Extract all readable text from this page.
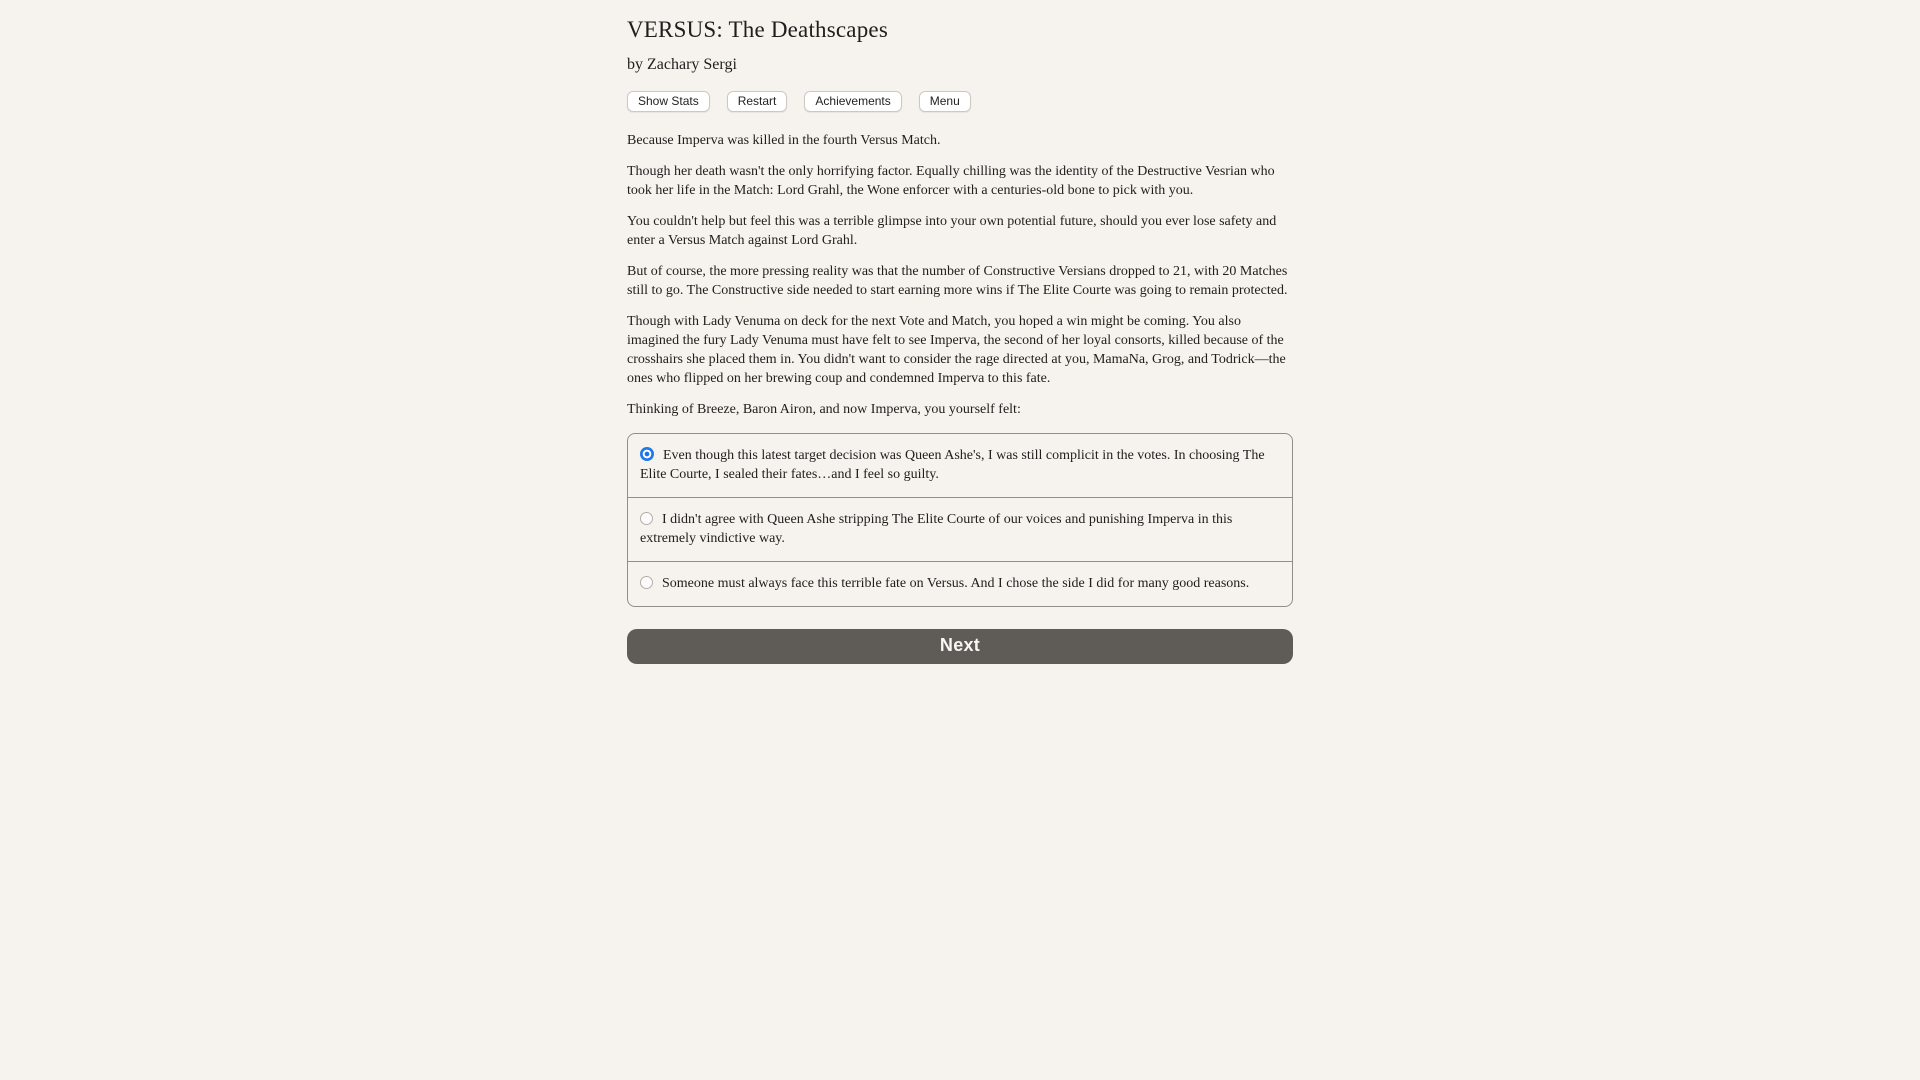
VERSUS: The Deathscapes
by Zachary Sergi
Show Stats	Restart	Achievements	Menu

Because Imperva was killed in the fourth Versus Match.

Though her death wasn't the only horrifying factor. Equally chilling was the identity of the Destructive Vesrian who took her life in the Match: Lord Grahl, the Wone enforcer with a centuries-old bone to pick with you.

You couldn't help but feel this was a terrible glimpse into your own potential future, should you ever lose safety and enter a Versus Match against Lord Grahl.

But of course, the more pressing reality was that the number of Constructive Versians dropped to 21, with 20 Matches still to go. The Constructive side needed to start earning more wins if The Elite Courte was going to remain protected.

Though with Lady Venuma on deck for the next Vote and Match, you hoped a win might be coming. You also imagined the fury Lady Venuma must have felt to see Imperva, the second of her loyal consorts, killed because of the crosshairs she placed them in. You didn't want to consider the rage directed at you, MamaNa, Grog, and Todrick—the ones who flipped on her brewing coup and condemned Imperva to this fate.

Thinking of Breeze, Baron Airon, and now Imperva, you yourself felt:

Even though this latest target decision was Queen Ashe's, I was still complicit in the votes. In choosing The Elite Courte, I sealed their fates…and I feel so guilty.
I didn't agree with Queen Ashe stripping The Elite Courte of our voices and punishing Imperva in this extremely vindictive way.
Someone must always face this terrible fate on Versus. And I chose the side I did for many good reasons.
Next
